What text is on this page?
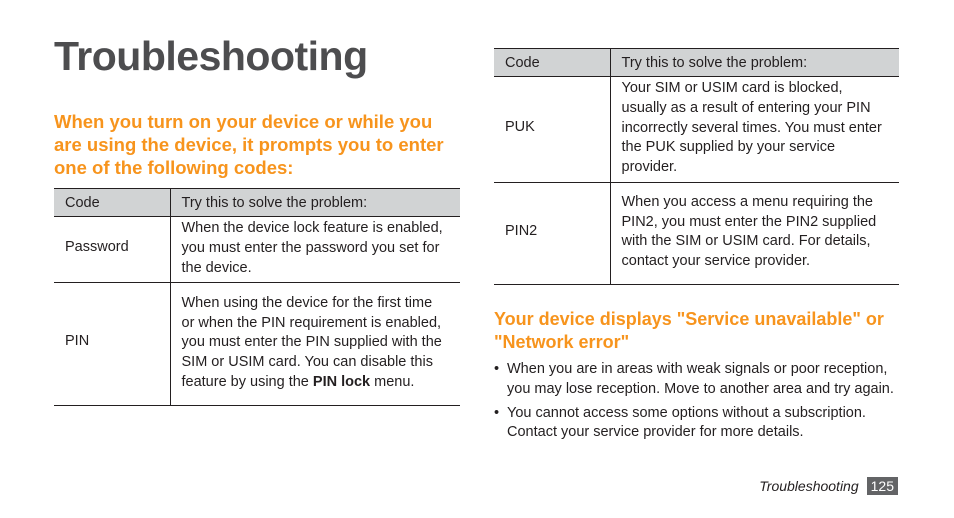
Troubleshooting
When you turn on your device or while you are using the device, it prompts you to enter one of the following codes:
Code	Try this to solve the problem:
Password	When the device lock feature is enabled, you must enter the password you set for the device.
PIN	When using the device for the first time or when the PIN requirement is enabled, you must enter the PIN supplied with the SIM or USIM card. You can disable this feature by using the PIN lock menu.
Code	Try this to solve the problem:
PUK	Your SIM or USIM card is blocked, usually as a result of entering your PIN incorrectly several times. You must enter the PUK supplied by your service provider.
PIN2	When you access a menu requiring the PIN2, you must enter the PIN2 supplied with the SIM or USIM card. For details, contact your service provider.
Your device displays "Service unavailable" or "Network error"
• When you are in areas with weak signals or poor reception, you may lose reception. Move to another area and try again.
• You cannot access some options without a subscription. Contact your service provider for more details.
Troubleshooting 125
